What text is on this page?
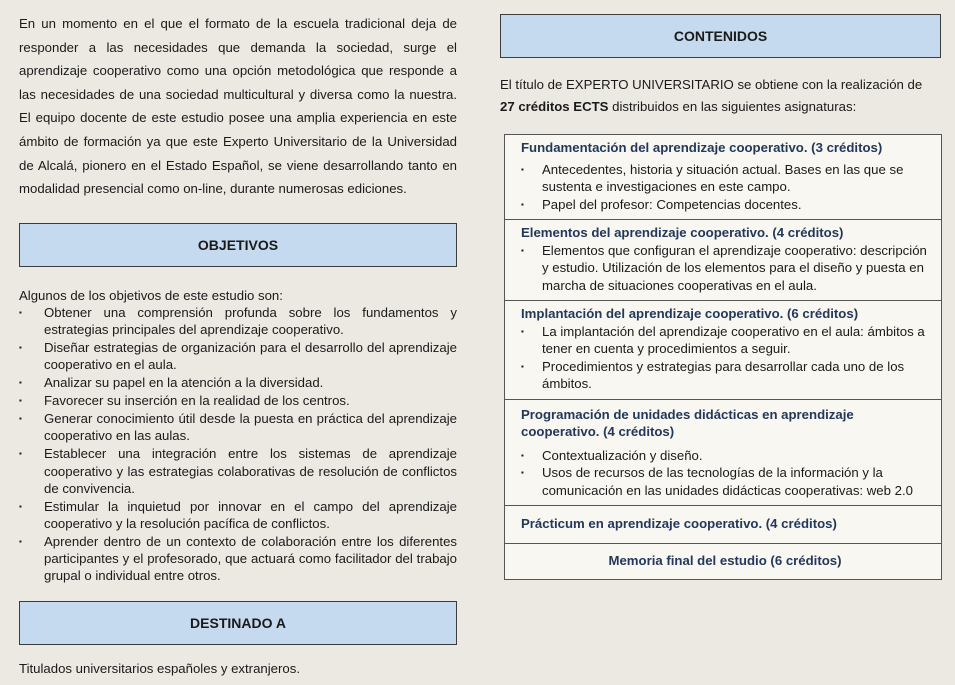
En un momento en el que el formato de la escuela tradicional deja de responder a las necesidades que demanda la sociedad, surge el aprendizaje cooperativo como una opción metodológica que responde a las necesidades de una sociedad multicultural y diversa como la nuestra. El equipo docente de este estudio posee una amplia experiencia en este ámbito de formación ya que este Experto Universitario de la Universidad de Alcalá, pionero en el Estado Español, se viene desarrollando tanto en modalidad presencial como on-line, durante numerosas ediciones.

OBJETIVOS

Algunos de los objetivos de este estudio son:

▪ Obtener una comprensión profunda sobre los fundamentos y estrategias principales del aprendizaje cooperativo.
▪ Diseñar estrategias de organización para el desarrollo del aprendizaje cooperativo en el aula.
▪ Analizar su papel en la atención a la diversidad.
▪ Favorecer su inserción en la realidad de los centros.
▪ Generar conocimiento útil desde la puesta en práctica del aprendizaje cooperativo en las aulas.
▪ Establecer una integración entre los sistemas de aprendizaje cooperativo y las estrategias colaborativas de resolución de conflictos de convivencia.
▪ Estimular la inquietud por innovar en el campo del aprendizaje cooperativo y la resolución pacífica de conflictos.
▪ Aprender dentro de un contexto de colaboración entre los diferentes participantes y el profesorado, que actuará como facilitador del trabajo grupal o individual entre otros.
DESTINADO A

Titulados universitarios españoles y extranjeros.

CONTENIDOS

El título de EXPERTO UNIVERSITARIO se obtiene con la realización de
27 créditos ECTS distribuidos en las siguientes asignaturas:

Fundamentación del aprendizaje cooperativo. (3 créditos)
▪ Antecedentes, historia y situación actual. Bases en las que se sustenta e investigaciones en este campo.
▪ Papel del profesor: Competencias docentes.
Elementos del aprendizaje cooperativo. (4 créditos)
▪ Elementos que configuran el aprendizaje cooperativo: descripción y estudio. Utilización de los elementos para el diseño y puesta en marcha de situaciones cooperativas en el aula.
Implantación del aprendizaje cooperativo. (6 créditos)
▪ La implantación del aprendizaje cooperativo en el aula: ámbitos a tener en cuenta y procedimientos a seguir.
▪ Procedimientos y estrategias para desarrollar cada uno de los ámbitos.
Programación de unidades didácticas en aprendizaje cooperativo. (4 créditos)
▪ Contextualización y diseño.
▪ Usos de recursos de las tecnologías de la información y la comunicación en las unidades didácticas cooperativas: web 2.0
Prácticum en aprendizaje cooperativo. (4 créditos)
Memoria final del estudio (6 créditos)
